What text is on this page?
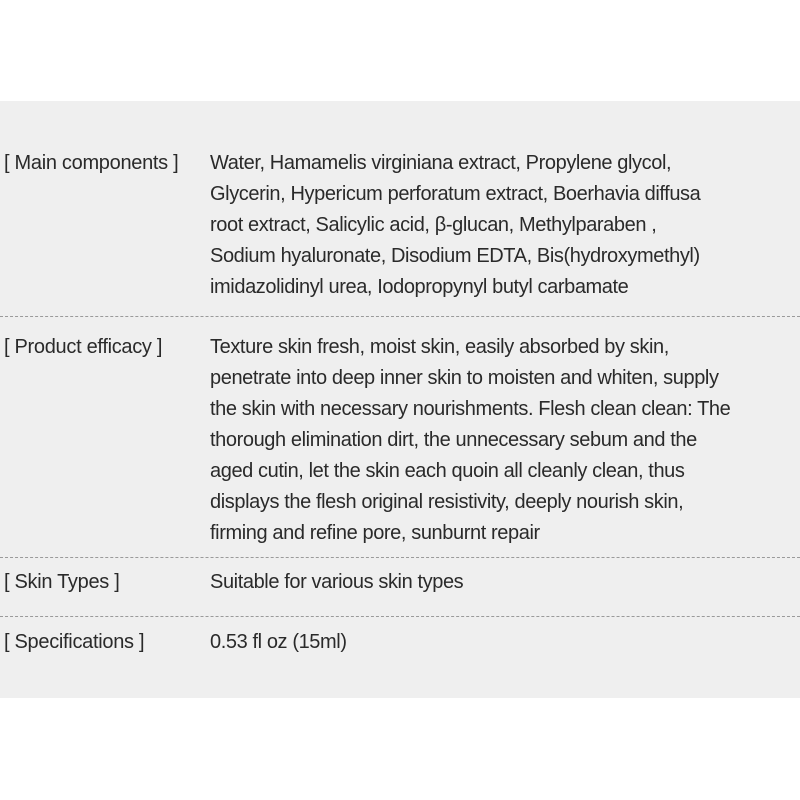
[ Main components ] Water, Hamamelis virginiana extract, Propylene glycol,
Glycerin, Hypericum perforatum extract, Boerhavia diffusa
root extract, Salicylic acid, β-glucan, Methylparaben ,
Sodium hyaluronate, Disodium EDTA, Bis(hydroxymethyl)
imidazolidinyl urea, Iodopropynyl butyl carbamate
[ Product efficacy ] Texture skin fresh, moist skin, easily absorbed by skin,
penetrate into deep inner skin to moisten and whiten, supply
the skin with necessary nourishments. Flesh clean clean: The
thorough elimination dirt, the unnecessary sebum and the
aged cutin, let the skin each quoin all cleanly clean, thus
displays the flesh original resistivity, deeply nourish skin,
firming and refine pore, sunburnt repair
[ Skin Types ]	Suitable for various skin types
[ Specifications ]	0.53 fl oz (15ml)
